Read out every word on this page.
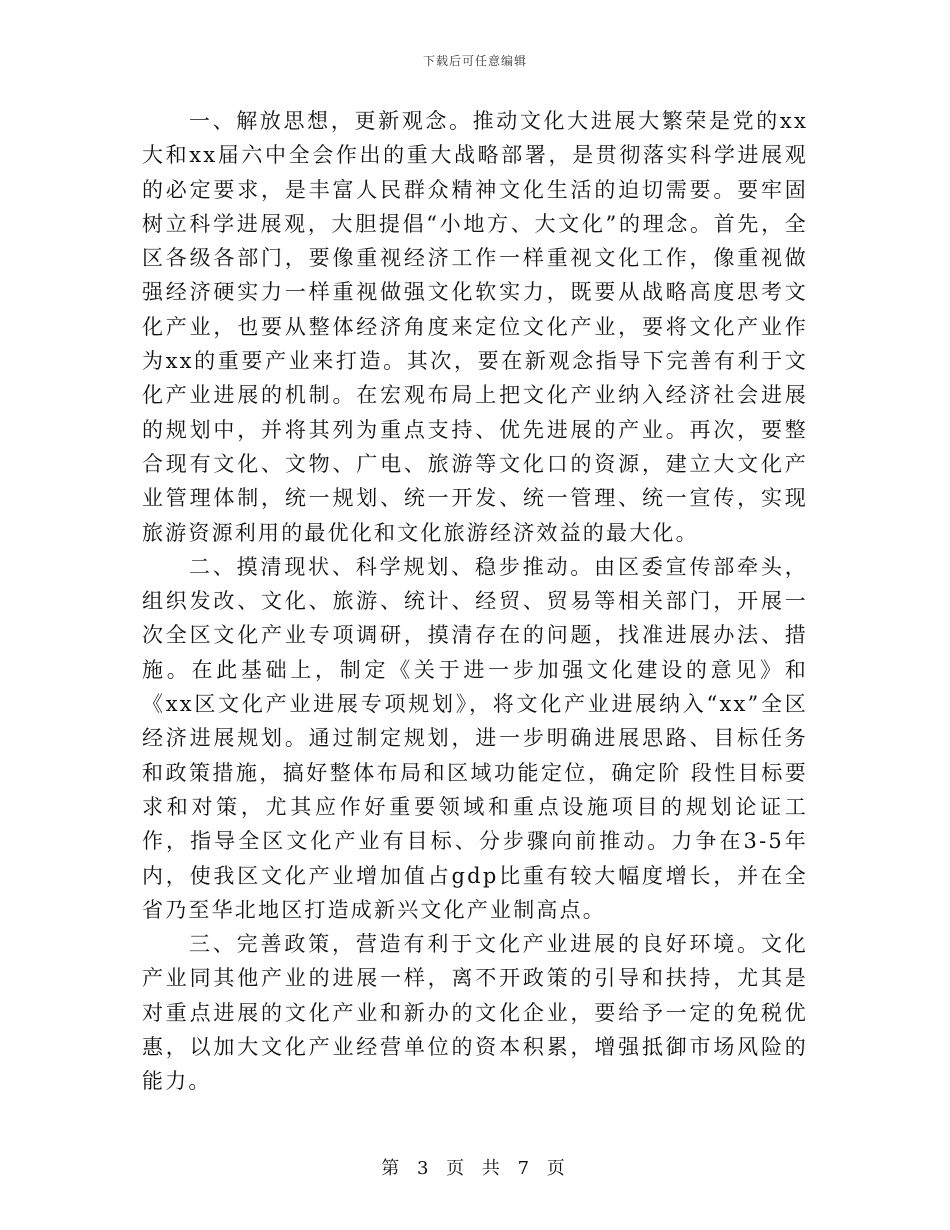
下载后可任意编辑

一、解放思想，更新观念。推动文化大进展大繁荣是党的xx大和xx届六中全会作出的重大战略部署，是贯彻落实科学进展观的必定要求，是丰富人民群众精神文化生活的迫切需要。要牢固树立科学进展观，大胆提倡“小地方、大文化”的理念。首先，全区各级各部门，要像重视经济工作一样重视文化工作，像重视做强经济硬实力一样重视做强文化软实力，既要从战略高度思考文化产业，也要从整体经济角度来定位文化产业，要将文化产业作为xx的重要产业来打造。其次，要在新观念指导下完善有利于文化产业进展的机制。在宏观布局上把文化产业纳入经济社会进展的规划中，并将其列为重点支持、优先进展的产业。再次，要整合现有文化、文物、广电、旅游等文化口的资源，建立大文化产业管理体制，统一规划、统一开发、统一管理、统一宣传，实现旅游资源利用的最优化和文化旅游经济效益的最大化。

二、摸清现状、科学规划、稳步推动。由区委宣传部牵头，组织发改、文化、旅游、统计、经贸、贸易等相关部门，开展一次全区文化产业专项调研，摸清存在的问题，找准进展办法、措施。在此基础上，制定《关于进一步加强文化建设的意见》和《xx区文化产业进展专项规划》，将文化产业进展纳入“xx”全区经济进展规划。通过制定规划，进一步明确进展思路、目标任务和政策措施，搞好整体布局和区域功能定位，确定阶 段性目标要求和对策，尤其应作好重要领域和重点设施项目的规划论证工作，指导全区文化产业有目标、分步骤向前推动。力争在3-5年内，使我区文化产业增加值占gdp比重有较大幅度增长，并在全省乃至华北地区打造成新兴文化产业制高点。

三、完善政策，营造有利于文化产业进展的良好环境。文化产业同其他产业的进展一样，离不开政策的引导和扶持，尤其是对重点进展的文化产业和新办的文化企业，要给予一定的免税优惠，以加大文化产业经营单位的资本积累，增强抵御市场风险的能力。

第 3 页 共 7 页
